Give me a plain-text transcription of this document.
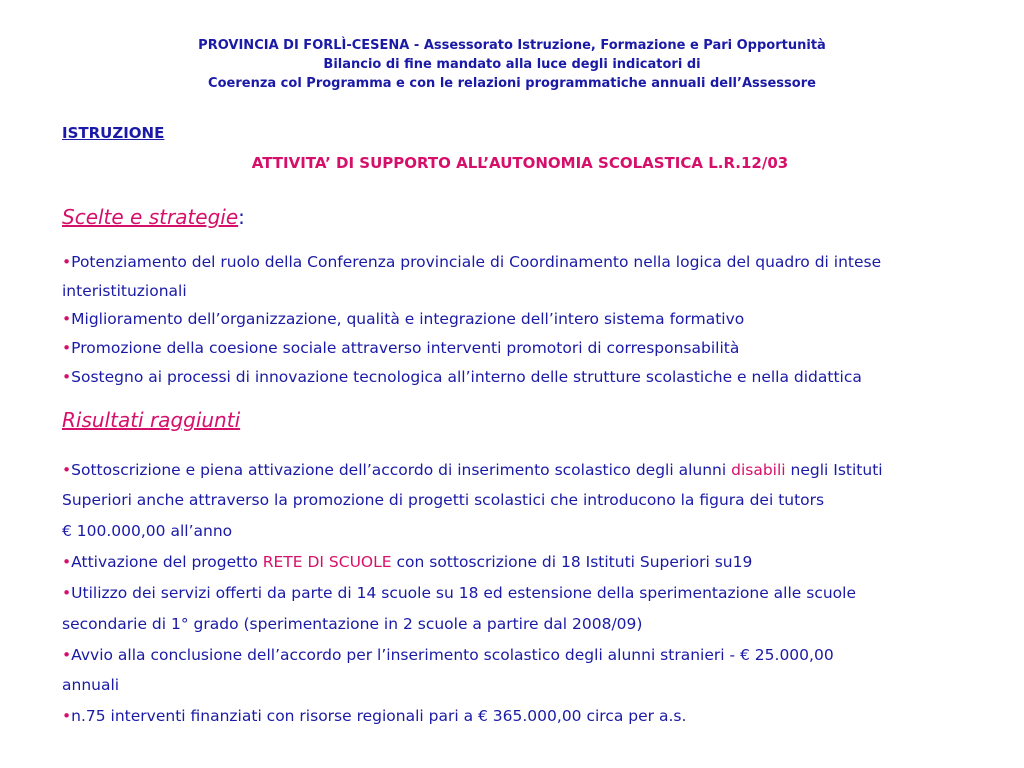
PROVINCIA DI FORLÌ-CESENA - Assessorato Istruzione, Formazione e Pari Opportunità
Bilancio di fine mandato alla luce degli indicatori di
Coerenza col Programma e con le relazioni programmatiche annuali dell’Assessore
ISTRUZIONE
ATTIVITA’ DI SUPPORTO ALL’AUTONOMIA SCOLASTICA L.R.12/03
Scelte e strategie:
•Potenziamento del ruolo della Conferenza provinciale di Coordinamento nella logica del quadro di intese
interistituzionali
•Miglioramento dell’organizzazione, qualità e integrazione dell’intero sistema formativo
•Promozione della coesione sociale attraverso interventi promotori di corresponsabilità
•Sostegno ai processi di innovazione tecnologica all’interno delle strutture scolastiche e nella didattica
Risultati raggiunti
•Sottoscrizione e piena attivazione dell’accordo di inserimento scolastico degli alunni disabili negli Istituti
Superiori anche attraverso la promozione di progetti scolastici che introducono la figura dei tutors
€ 100.000,00 all’anno
•Attivazione del progetto RETE DI SCUOLE con sottoscrizione di 18 Istituti Superiori su19
•Utilizzo dei servizi offerti da parte di 14 scuole su 18 ed estensione della sperimentazione alle scuole
secondarie di 1° grado (sperimentazione in 2 scuole a partire dal 2008/09)
•Avvio alla conclusione dell’accordo per l’inserimento scolastico degli alunni stranieri - € 25.000,00
annuali
•n.75 interventi finanziati con risorse regionali pari a € 365.000,00 circa per a.s.
